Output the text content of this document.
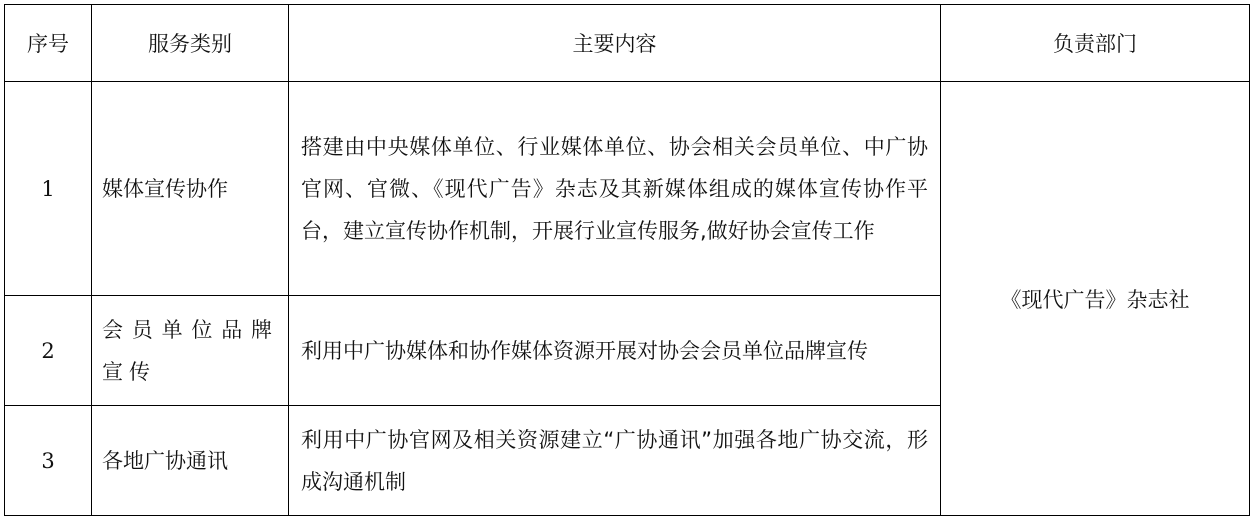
序号	服务类别	主要内容	负责部门
1	媒体宣传协作	搭建由中央媒体单位、行业媒体单位、协会相关会员单位、中广协官网、官微、《现代广告》杂志及其新媒体组成的媒体宣传协作平台，建立宣传协作机制，开展行业宣传服务,做好协会宣传工作	《现代广告》杂志社
2	会员单位品牌宣传	利用中广协媒体和协作媒体资源开展对协会会员单位品牌宣传	
3	各地广协通讯	利用中广协官网及相关资源建立“广协通讯”加强各地广协交流，形成沟通机制	
